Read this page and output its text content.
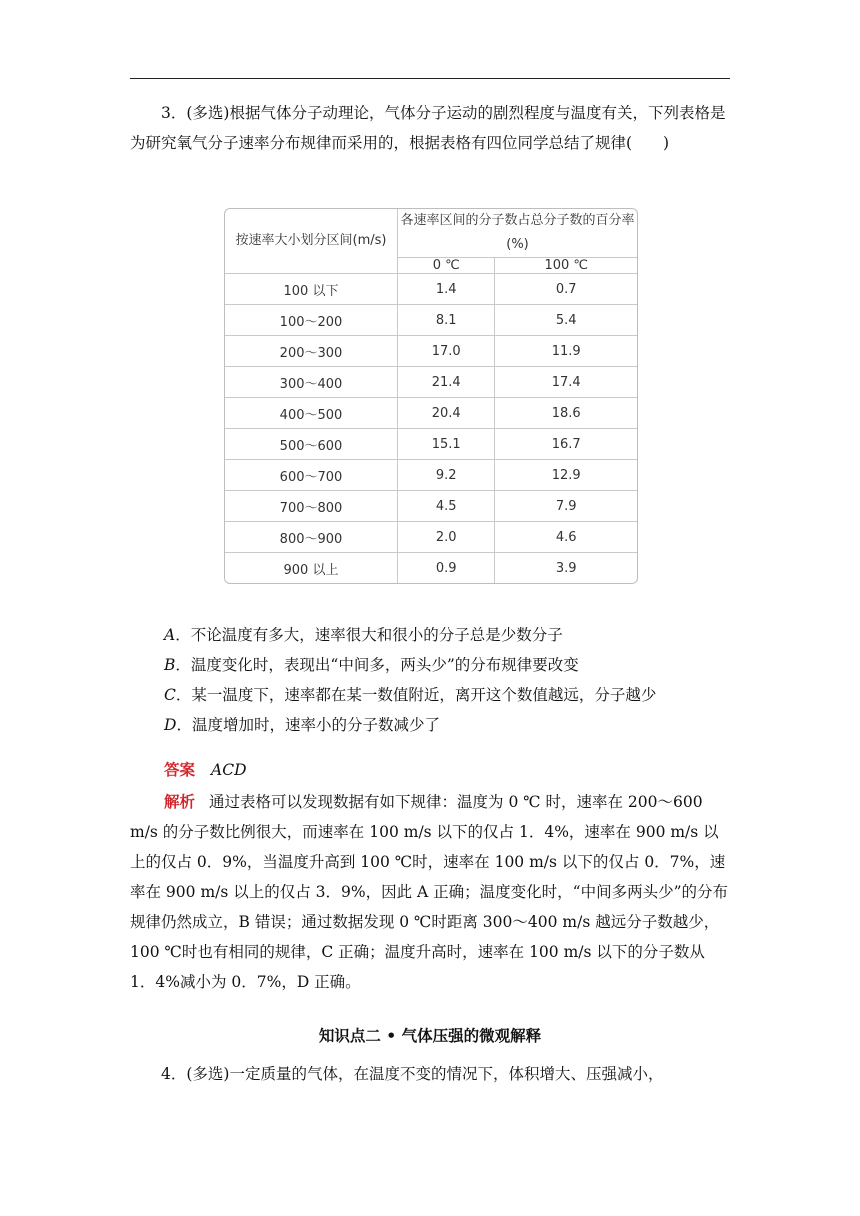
3．(多选)根据气体分子动理论，气体分子运动的剧烈程度与温度有关，下列表格是为研究氧气分子速率分布规律而采用的，根据表格有四位同学总结了规律(　　)
按速率大小划分区间(m/s)	各速率区间的分子数占总分子数的百分率(%)	
	0 ℃	100 ℃
100 以下	1.4	0.7
100～200	8.1	5.4
200～300	17.0	11.9
300～400	21.4	17.4
400～500	20.4	18.6
500～600	15.1	16.7
600～700	9.2	12.9
700～800	4.5	7.9
800～900	2.0	4.6
900 以上	0.9	3.9
A．不论温度有多大，速率很大和很小的分子总是少数分子
B．温度变化时，表现出“中间多，两头少”的分布规律要改变
C．某一温度下，速率都在某一数值附近，离开这个数值越远，分子越少
D．温度增加时，速率小的分子数减少了
答案 ACD
解析 通过表格可以发现数据有如下规律：温度为 0 ℃ 时，速率在 200～600 m/s 的分子数比例很大，而速率在 100 m/s 以下的仅占 1．4%，速率在 900 m/s 以上的仅占 0．9%，当温度升高到 100 ℃时，速率在 100 m/s 以下的仅占 0．7%，速率在 900 m/s 以上的仅占 3．9%，因此 A 正确；温度变化时，“中间多两头少”的分布规律仍然成立，B 错误；通过数据发现 0 ℃时距离 300～400 m/s 越远分子数越少，100 ℃时也有相同的规律，C 正确；温度升高时，速率在 100 m/s 以下的分子数从 1．4%减小为 0．7%，D 正确。
知识点二 • 气体压强的微观解释
4．(多选)一定质量的气体，在温度不变的情况下，体积增大、压强减小，
